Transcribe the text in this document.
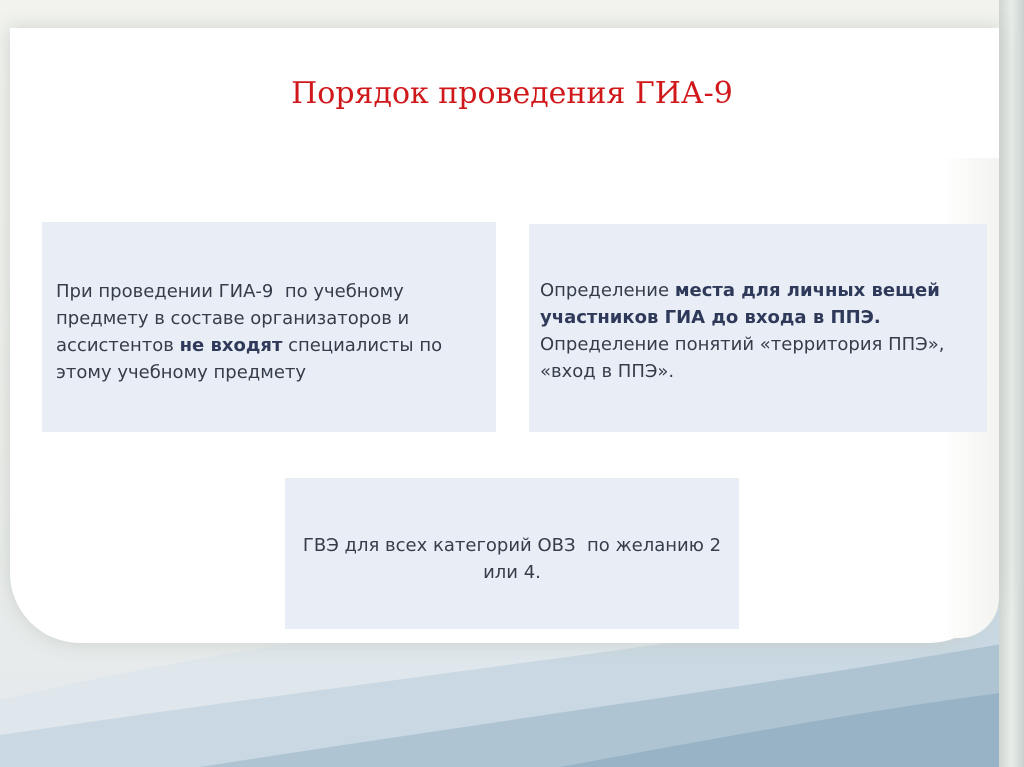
Порядок проведения ГИА-9
При проведении ГИА-9  по учебному предмету в составе организаторов и ассистентов не входят специалисты по этому учебному предмету
Определение места для личных вещей участников ГИА до входа в ППЭ. Определение понятий «территория ППЭ», «вход в ППЭ».
ГВЭ для всех категорий ОВЗ  по желанию 2 или 4.
